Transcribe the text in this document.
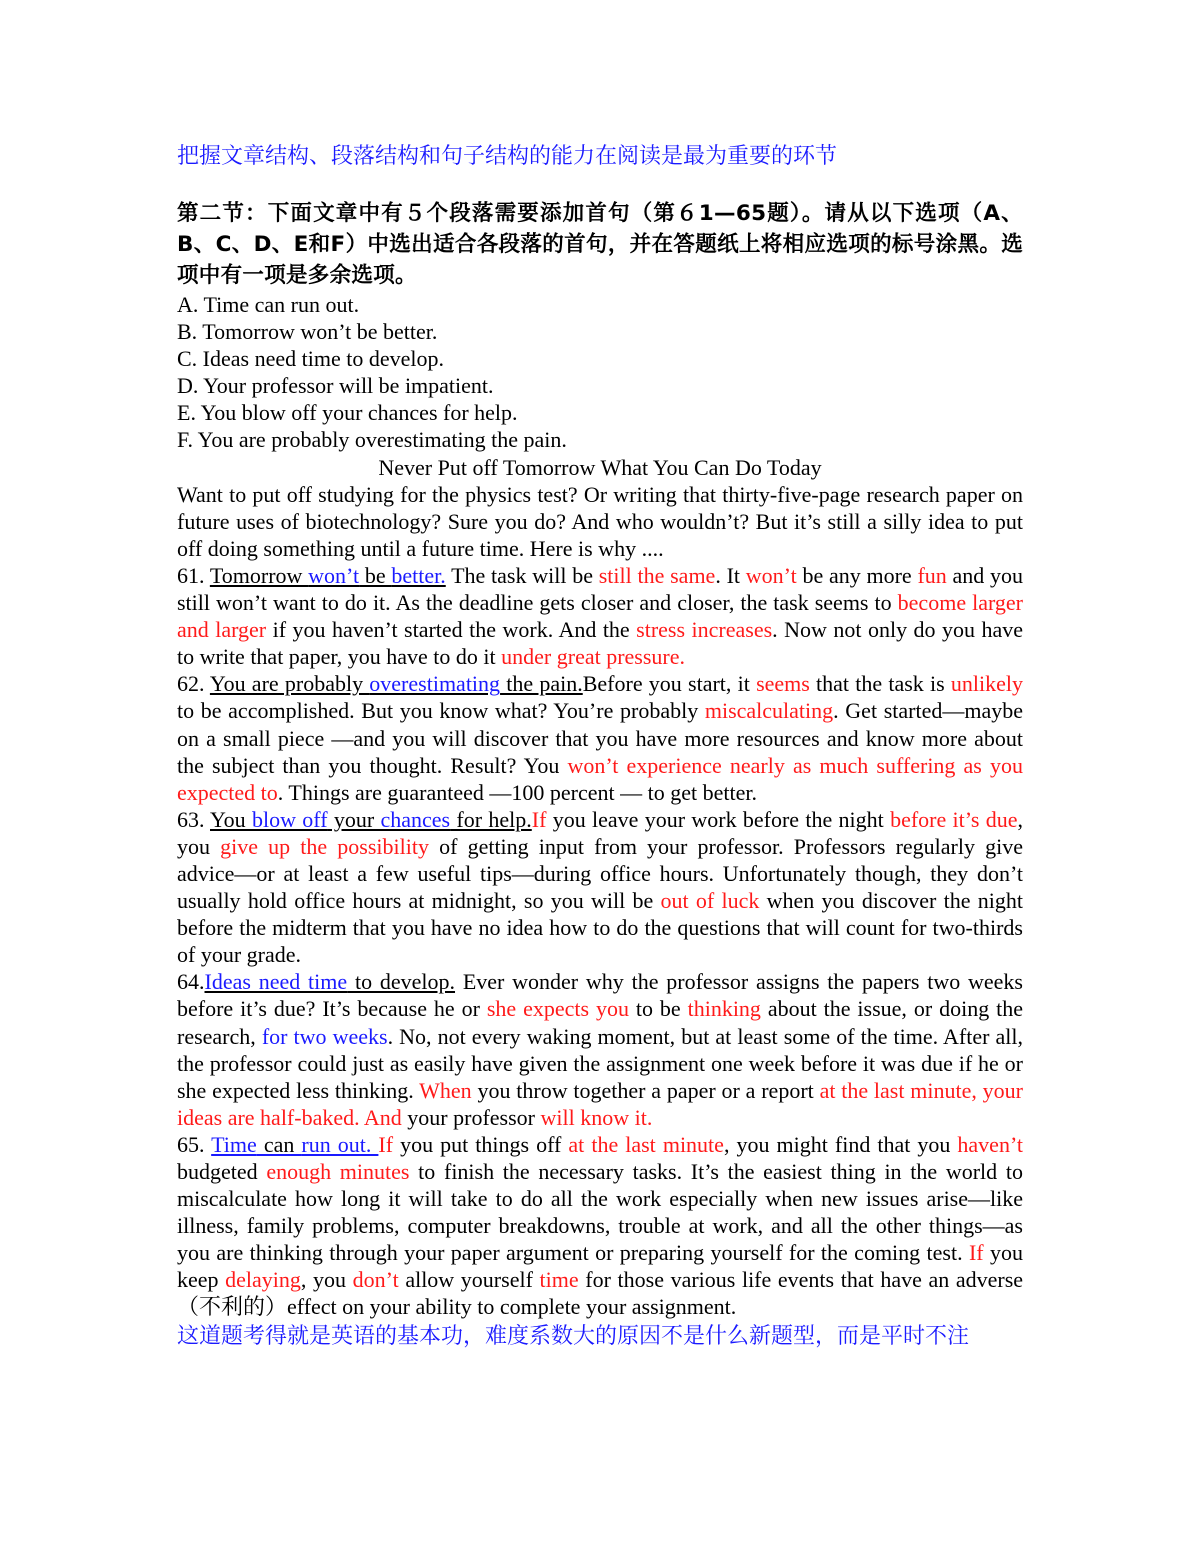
把握文章结构、段落结构和句子结构的能力在阅读是最为重要的环节

第二节：下面文章中有５个段落需要添加首句（第６1—65题）。请从以下选项（A、B、C、D、E和F）中选出适合各段落的首句，并在答题纸上将相应选项的标号涂黑。选项中有一项是多余选项。

A. Time can run out.

B. Tomorrow won’t be better.

C. Ideas need time to develop.

D. Your professor will be impatient.

E. You blow off your chances for help.

F. You are probably overestimating the pain.

Never Put off Tomorrow What You Can Do Today

Want to put off studying for the physics test? Or writing that thirty-five-page research paper on future uses of biotechnology? Sure you do? And who wouldn’t? But it’s still a silly idea to put off doing something until a future time. Here is why ....

61. Tomorrow won’t be better. The task will be still the same. It won’t be any more fun and you still won’t want to do it. As the deadline gets closer and closer, the task seems to become larger and larger if you haven’t started the work. And the stress increases. Now not only do you have to write that paper, you have to do it under great pressure.

62. You are probably overestimating the pain.Before you start, it seems that the task is unlikely to be accomplished. But you know what? You’re probably miscalculating. Get started—maybe on a small piece —and you will discover that you have more resources and know more about the subject than you thought. Result? You won’t experience nearly as much suffering as you expected to. Things are guaranteed —100 percent — to get better.

63. You blow off your chances for help.If you leave your work before the night before it’s due, you give up the possibility of getting input from your professor. Professors regularly give advice—or at least a few useful tips—during office hours. Unfortunately though, they don’t usually hold office hours at midnight, so you will be out of luck when you discover the night before the midterm that you have no idea how to do the questions that will count for two-thirds of your grade.

64.Ideas need time to develop. Ever wonder why the professor assigns the papers two weeks before it’s due? It’s because he or she expects you to be thinking about the issue, or doing the research, for two weeks. No, not every waking moment, but at least some of the time. After all, the professor could just as easily have given the assignment one week before it was due if he or she expected less thinking. When you throw together a paper or a report at the last minute, your ideas are half-baked. And your professor will know it.

65. Time can run out. If you put things off at the last minute, you might find that you haven’t budgeted enough minutes to finish the necessary tasks. It’s the easiest thing in the world to miscalculate how long it will take to do all the work especially when new issues arise—like illness, family problems, computer breakdowns, trouble at work, and all the other things—as you are thinking through your paper argument or preparing yourself for the coming test. If you keep delaying, you don’t allow yourself time for those various life events that have an adverse（不利的）effect on your ability to complete your assignment.

这道题考得就是英语的基本功，难度系数大的原因不是什么新题型，而是平时不注
